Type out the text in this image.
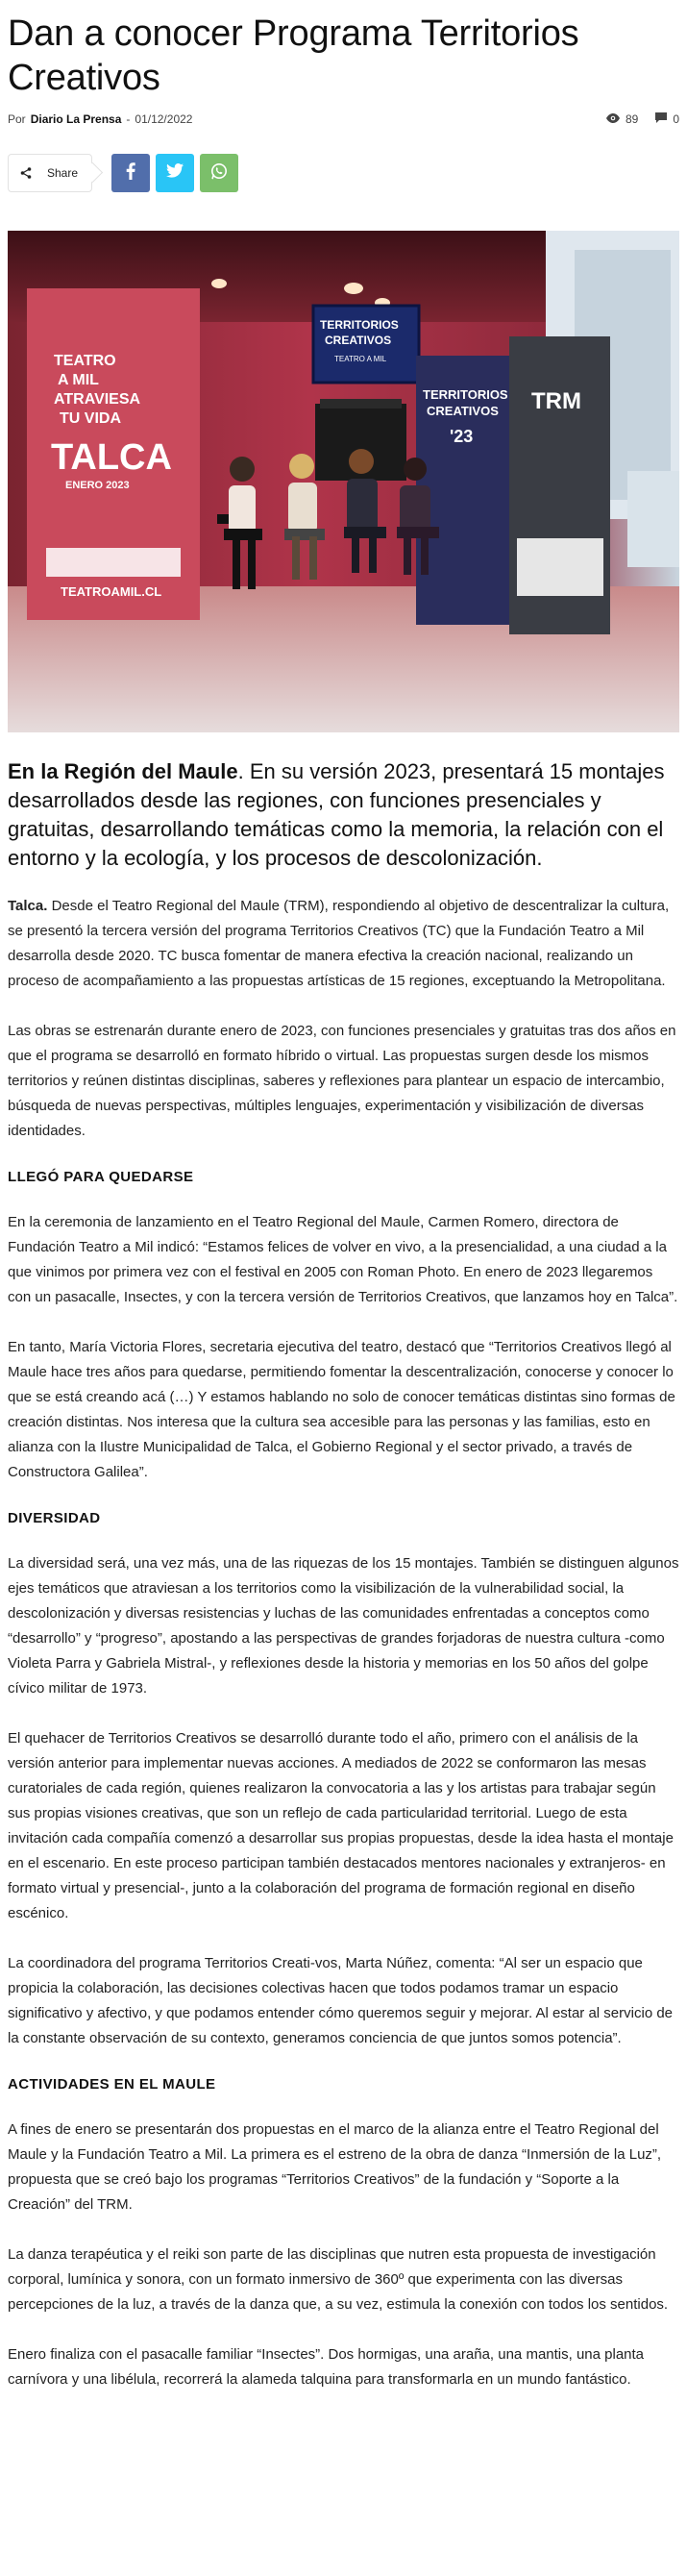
Dan a conocer Programa Territorios Creativos
Por Diario La Prensa - 01/12/2022	89	0
Share
TEATRO
A MIL
ATRAVIESA
TU VIDA
TALCA
ENERO 2023
TEATROAMIL.CL
TERRITORIOS
CREATIVOS
TEATRO A MIL
TERRITORIOS
CREATIVOS
'23
TRM

En la Región del Maule. En su versión 2023, presentará 15 montajes desarrollados desde las regiones, con funciones presenciales y gratuitas, desarrollando temáticas como la memoria, la relación con el entorno y la ecología, y los procesos de descolonización.

Talca. Desde el Teatro Regional del Maule (TRM), respondiendo al objetivo de descentralizar la cultura, se presentó la tercera versión del programa Territorios Creativos (TC) que la Fundación Teatro a Mil desarrolla desde 2020. TC busca fomentar de manera efectiva la creación nacional, realizando un proceso de acompañamiento a las propuestas artísticas de 15 regiones, exceptuando la Metropolitana.

Las obras se estrenarán durante enero de 2023, con funciones presenciales y gratuitas tras dos años en que el programa se desarrolló en formato híbrido o virtual. Las propuestas surgen desde los mismos territorios y reúnen distintas disciplinas, saberes y reflexiones para plantear un espacio de intercambio, búsqueda de nuevas perspectivas, múltiples lenguajes, experimentación y visibilización de diversas identidades.

LLEGÓ PARA QUEDARSE

En la ceremonia de lanzamiento en el Teatro Regional del Maule, Carmen Romero, directora de Fundación Teatro a Mil indicó: “Estamos felices de volver en vivo, a la presencialidad, a una ciudad a la que vinimos por primera vez con el festival en 2005 con Roman Photo. En enero de 2023 llegaremos con un pasacalle, Insectes, y con la tercera versión de Territorios Creativos, que lanzamos hoy en Talca”.

En tanto, María Victoria Flores, secretaria ejecutiva del teatro, destacó que “Territorios Creativos llegó al Maule hace tres años para quedarse, permitiendo fomentar la descentralización, conocerse y conocer lo que se está creando acá (…) Y estamos hablando no solo de conocer temáticas distintas sino formas de creación distintas. Nos interesa que la cultura sea accesible para las personas y las familias, esto en alianza con la Ilustre Municipalidad de Talca, el Gobierno Regional y el sector privado, a través de Constructora Galilea”.

DIVERSIDAD

La diversidad será, una vez más, una de las riquezas de los 15 montajes. También se distinguen algunos ejes temáticos que atraviesan a los territorios como la visibilización de la vulnerabilidad social, la descolonización y diversas resistencias y luchas de las comunidades enfrentadas a conceptos como “desarrollo” y “progreso”, apostando a las perspectivas de grandes forjadoras de nuestra cultura -como Violeta Parra y Gabriela Mistral-, y reflexiones desde la historia y memorias en los 50 años del golpe cívico militar de 1973.

El quehacer de Territorios Creativos se desarrolló durante todo el año, primero con el análisis de la versión anterior para implementar nuevas acciones. A mediados de 2022 se conformaron las mesas curatoriales de cada región, quienes realizaron la convocatoria a las y los artistas para trabajar según sus propias visiones creativas, que son un reflejo de cada particularidad territorial. Luego de esta invitación cada compañía comenzó a desarrollar sus propias propuestas, desde la idea hasta el montaje en el escenario. En este proceso participan también destacados mentores nacionales y extranjeros- en formato virtual y presencial-, junto a la colaboración del programa de formación regional en diseño escénico.

La coordinadora del programa Territorios Creati-vos, Marta Núñez, comenta: “Al ser un espacio que propicia la colaboración, las decisiones colectivas hacen que todos podamos tramar un espacio significativo y afectivo, y que podamos entender cómo queremos seguir y mejorar. Al estar al servicio de la constante observación de su contexto, generamos conciencia de que juntos somos potencia”.

ACTIVIDADES EN EL MAULE

A fines de enero se presentarán dos propuestas en el marco de la alianza entre el Teatro Regional del Maule y la Fundación Teatro a Mil. La primera es el estreno de la obra de danza “Inmersión de la Luz”, propuesta que se creó bajo los programas “Territorios Creativos” de la fundación y “Soporte a la Creación” del TRM.

La danza terapéutica y el reiki son parte de las disciplinas que nutren esta propuesta de investigación corporal, lumínica y sonora, con un formato inmersivo de 360º que experimenta con las diversas percepciones de la luz, a través de la danza que, a su vez, estimula la conexión con todos los sentidos.

Enero finaliza con el pasacalle familiar “Insectes”. Dos hormigas, una araña, una mantis, una planta carnívora y una libélula, recorrerá la alameda talquina para transformarla en un mundo fantástico.
